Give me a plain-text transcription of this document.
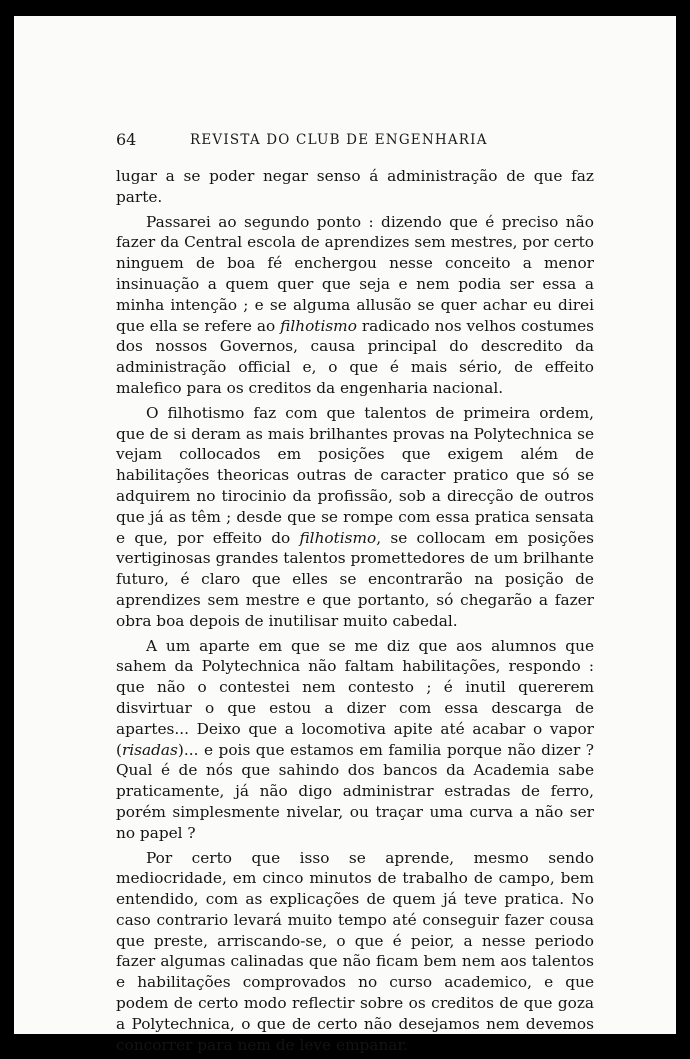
64	REVISTA DO CLUB DE ENGENHARIA

lugar a se poder negar senso á administração de que faz parte.

Passarei ao segundo ponto : dizendo que é preciso não fazer da Central escola de aprendizes sem mestres, por certo ninguem de boa fé enchergou nesse conceito a menor insinuação a quem quer que seja e nem podia ser essa a minha intenção ; e se alguma allusão se quer achar eu direi que ella se refere ao filhotismo radicado nos velhos costumes dos nossos Governos, causa principal do descredito da administração official e, o que é mais sério, de effeito malefico para os creditos da engenharia nacional.

O filhotismo faz com que talentos de primeira ordem, que de si deram as mais brilhantes provas na Polytechnica se vejam collocados em posições que exigem além de habilitações theoricas outras de caracter pratico que só se adquirem no tirocinio da profissão, sob a direcção de outros que já as têm ; desde que se rompe com essa pratica sensata e que, por effeito do filhotismo, se collocam em posições vertiginosas grandes talentos promettedores de um brilhante futuro, é claro que elles se encontrarão na posição de aprendizes sem mestre e que portanto, só chegarão a fazer obra boa depois de inutilisar muito cabedal.

A um aparte em que se me diz que aos alumnos que sahem da Polytechnica não faltam habilitações, respondo : que não o contestei nem contesto ; é inutil quererem disvirtuar o que estou a dizer com essa descarga de apartes... Deixo que a locomotiva apite até acabar o vapor (risadas)... e pois que estamos em familia porque não dizer ? Qual é de nós que sahindo dos bancos da Academia sabe praticamente, já não digo administrar estradas de ferro, porém simplesmente nivelar, ou traçar uma curva a não ser no papel ?

Por certo que isso se aprende, mesmo sendo mediocridade, em cinco minutos de trabalho de campo, bem entendido, com as explicações de quem já teve pratica. No caso contrario levará muito tempo até conseguir fazer cousa que preste, arriscando-se, o que é peior, a nesse periodo fazer algumas calinadas que não ficam bem nem aos talentos e habilitações comprovados no curso academico, e que podem de certo modo reflectir sobre os creditos de que goza a Polytechnica, o que de certo não desejamos nem devemos concorrer para nem de leve empanar.
